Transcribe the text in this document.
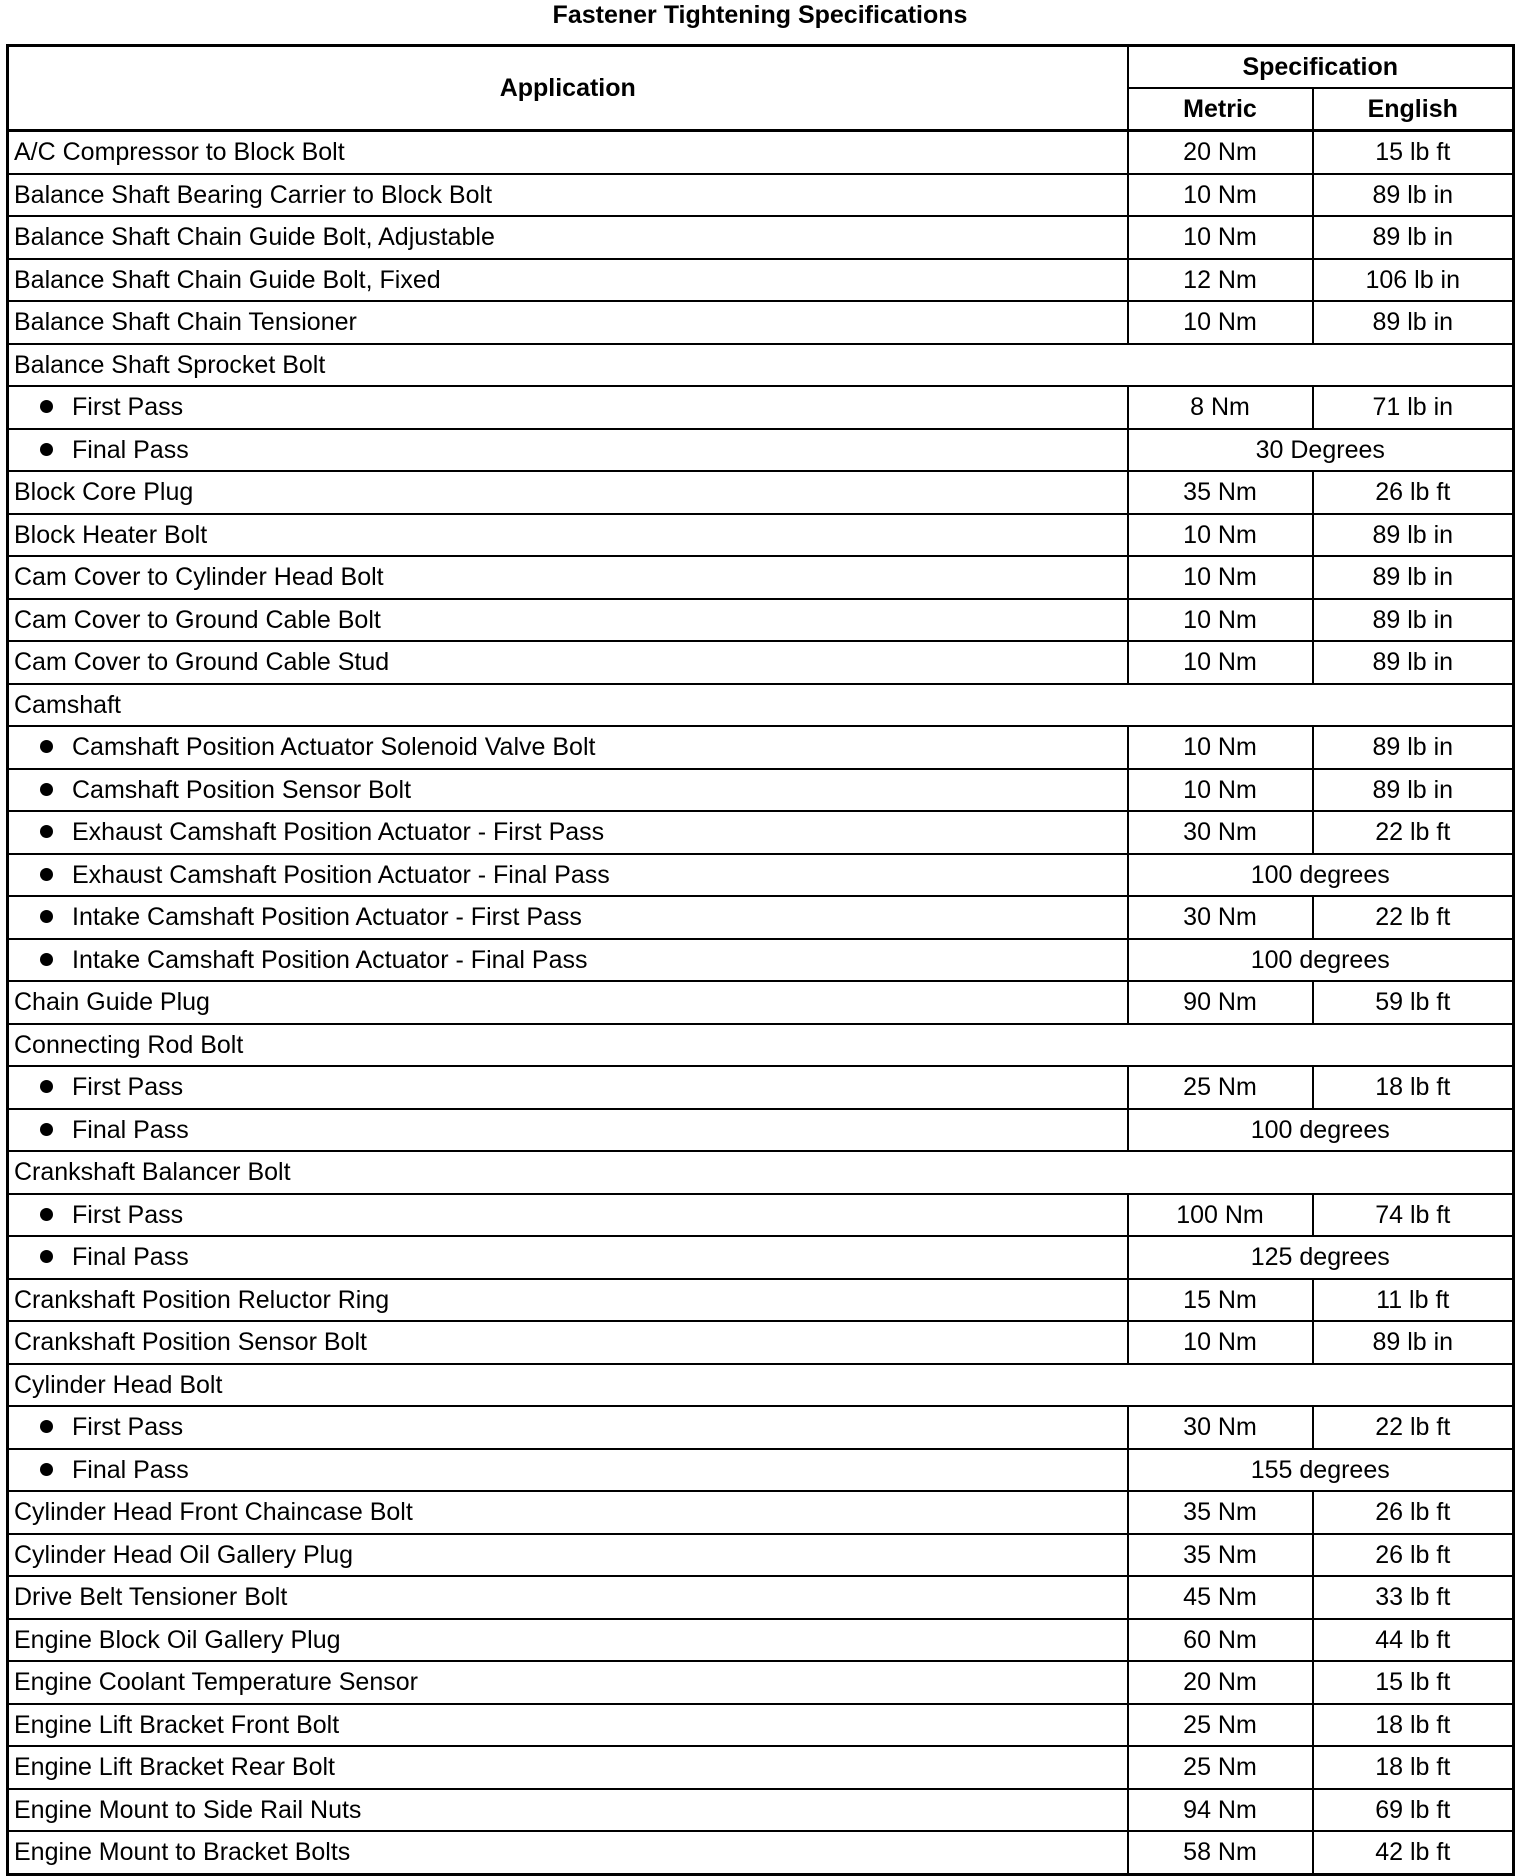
Fastener Tightening Specifications
Application	Specification	
	Metric	English
A/C Compressor to Block Bolt	20 Nm	15 lb ft
Balance Shaft Bearing Carrier to Block Bolt	10 Nm	89 lb in
Balance Shaft Chain Guide Bolt, Adjustable	10 Nm	89 lb in
Balance Shaft Chain Guide Bolt, Fixed	12 Nm	106 lb in
Balance Shaft Chain Tensioner	10 Nm	89 lb in
Balance Shaft Sprocket Bolt		
First Pass	8 Nm	71 lb in
Final Pass	30 Degrees	
Block Core Plug	35 Nm	26 lb ft
Block Heater Bolt	10 Nm	89 lb in
Cam Cover to Cylinder Head Bolt	10 Nm	89 lb in
Cam Cover to Ground Cable Bolt	10 Nm	89 lb in
Cam Cover to Ground Cable Stud	10 Nm	89 lb in
Camshaft		
Camshaft Position Actuator Solenoid Valve Bolt	10 Nm	89 lb in
Camshaft Position Sensor Bolt	10 Nm	89 lb in
Exhaust Camshaft Position Actuator - First Pass	30 Nm	22 lb ft
Exhaust Camshaft Position Actuator - Final Pass	100 degrees	
Intake Camshaft Position Actuator - First Pass	30 Nm	22 lb ft
Intake Camshaft Position Actuator - Final Pass	100 degrees	
Chain Guide Plug	90 Nm	59 lb ft
Connecting Rod Bolt		
First Pass	25 Nm	18 lb ft
Final Pass	100 degrees	
Crankshaft Balancer Bolt		
First Pass	100 Nm	74 lb ft
Final Pass	125 degrees	
Crankshaft Position Reluctor Ring	15 Nm	11 lb ft
Crankshaft Position Sensor Bolt	10 Nm	89 lb in
Cylinder Head Bolt		
First Pass	30 Nm	22 lb ft
Final Pass	155 degrees	
Cylinder Head Front Chaincase Bolt	35 Nm	26 lb ft
Cylinder Head Oil Gallery Plug	35 Nm	26 lb ft
Drive Belt Tensioner Bolt	45 Nm	33 lb ft
Engine Block Oil Gallery Plug	60 Nm	44 lb ft
Engine Coolant Temperature Sensor	20 Nm	15 lb ft
Engine Lift Bracket Front Bolt	25 Nm	18 lb ft
Engine Lift Bracket Rear Bolt	25 Nm	18 lb ft
Engine Mount to Side Rail Nuts	94 Nm	69 lb ft
Engine Mount to Bracket Bolts	58 Nm	42 lb ft
